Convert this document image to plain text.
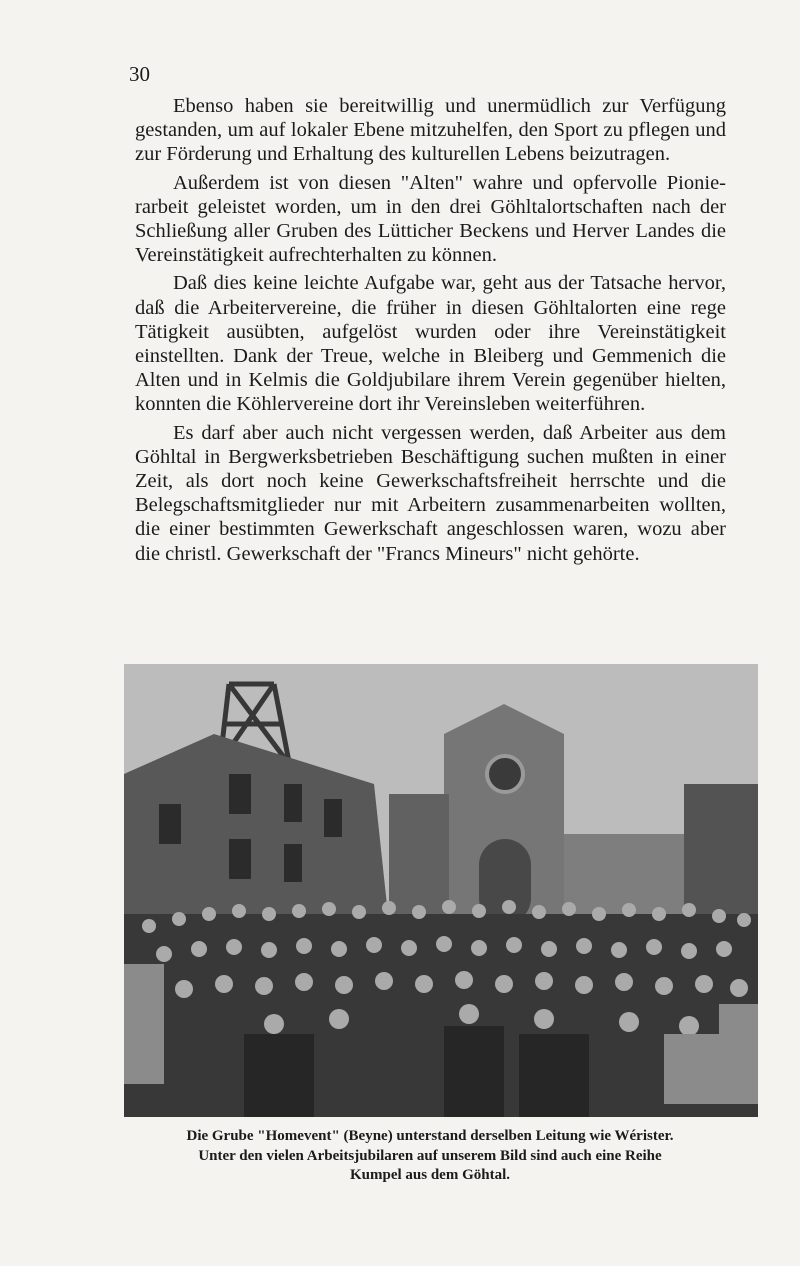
30

Ebenso haben sie bereitwillig und unermüdlich zur Verfügung gestanden, um auf lokaler Ebene mitzuhelfen, den Sport zu pflegen und zur Förderung und Erhaltung des kulturellen Lebens beizutragen.

Außerdem ist von diesen "Alten" wahre und opfervolle Pionierarbeit geleistet worden, um in den drei Göhltalortschaften nach der Schließung aller Gruben des Lütticher Beckens und Herver Landes die Vereinstätigkeit aufrechterhalten zu können.

Daß dies keine leichte Aufgabe war, geht aus der Tatsache hervor, daß die Arbeitervereine, die früher in diesen Göhltalorten eine rege Tätigkeit ausübten, aufgelöst wurden oder ihre Vereinstätigkeit einstellten. Dank der Treue, welche in Bleiberg und Gemmenich die Alten und in Kelmis die Goldjubilare ihrem Verein gegenüber hielten, konnten die Köhlervereine dort ihr Vereinsleben weiterführen.

Es darf aber auch nicht vergessen werden, daß Arbeiter aus dem Göhltal in Bergwerksbetrieben Beschäftigung suchen mußten in einer Zeit, als dort noch keine Gewerkschaftsfreiheit herrschte und die Belegschaftsmitglieder nur mit Arbeitern zusammenarbeiten wollten, die einer bestimmten Gewerkschaft angeschlossen waren, wozu aber die christl. Gewerkschaft der "Francs Mineurs" nicht gehörte.

Die Grube "Homevent" (Beyne) unterstand derselben Leitung wie Wérister.
Unter den vielen Arbeitsjubilaren auf unserem Bild sind auch eine Reihe
Kumpel aus dem Göhtal.
